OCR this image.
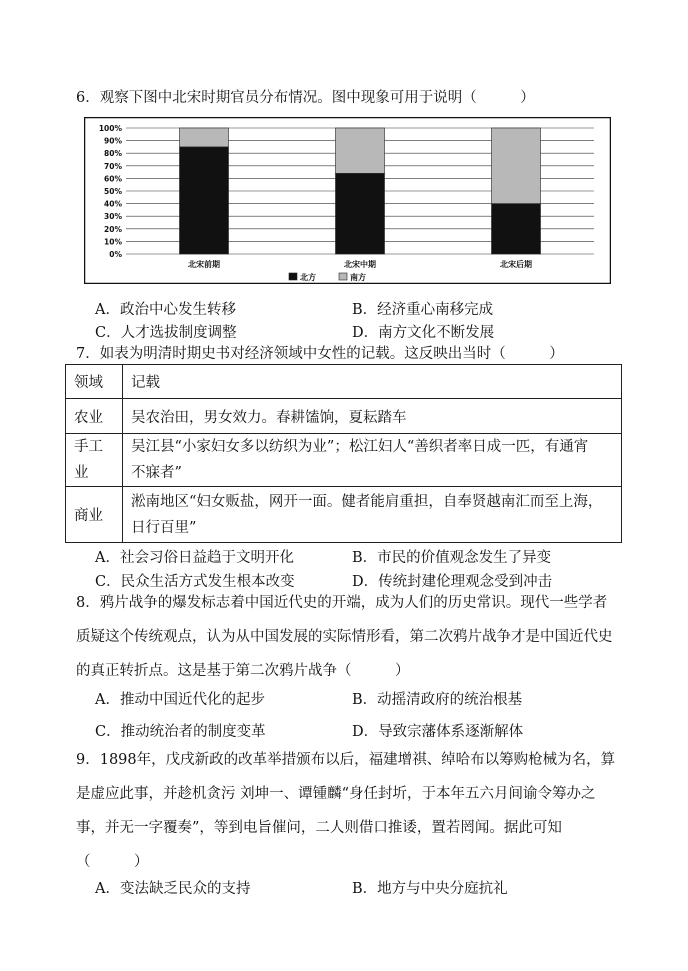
6．观察下图中北宋时期官员分布情况。图中现象可用于说明（　　　）
0%
10%
20%
30%
40%
50%
60%
70%
80%
90%
100%
北宋前期	北宋中期	北宋后期
北方	南方
A．政治中心发生转移	B．经济重心南移完成
C．人才选拔制度调整	D．南方文化不断发展
7．如表为明清时期史书对经济领域中女性的记载。这反映出当时（　　　）
领域	记载
农业	吴农治田，男女效力。春耕馌饷，夏耘踏车
手工
业	吴江县“小家妇女多以纺织为业”；松江妇人“善织者率日成一匹，有通宵
不寐者”
商业	淞南地区“妇女贩盐，网开一面。健者能肩重担，自奉贤越南汇而至上海，
日行百里”
A．社会习俗日益趋于文明开化	B．市民的价值观念发生了异变
C．民众生活方式发生根本改变	D．传统封建伦理观念受到冲击
8．鸦片战争的爆发标志着中国近代史的开端，成为人们的历史常识。现代一些学者
质疑这个传统观点，认为从中国发展的实际情形看，第二次鸦片战争才是中国近代史
的真正转折点。这是基于第二次鸦片战争（　　　）
A．推动中国近代化的起步	B．动摇清政府的统治根基
C．推动统治者的制度变革	D．导致宗藩体系逐渐解体
9．1898年，戊戌新政的改革举措颁布以后，福建增祺、绰哈布以筹购枪械为名，算
是虚应此事，并趁机贪污 刘坤一、谭锺麟“身任封圻，于本年五六月间谕令筹办之
事，并无一字覆奏”，等到电旨催问，二人则借口推诿，置若罔闻。据此可知
（　　　）
A．变法缺乏民众的支持	B．地方与中央分庭抗礼
